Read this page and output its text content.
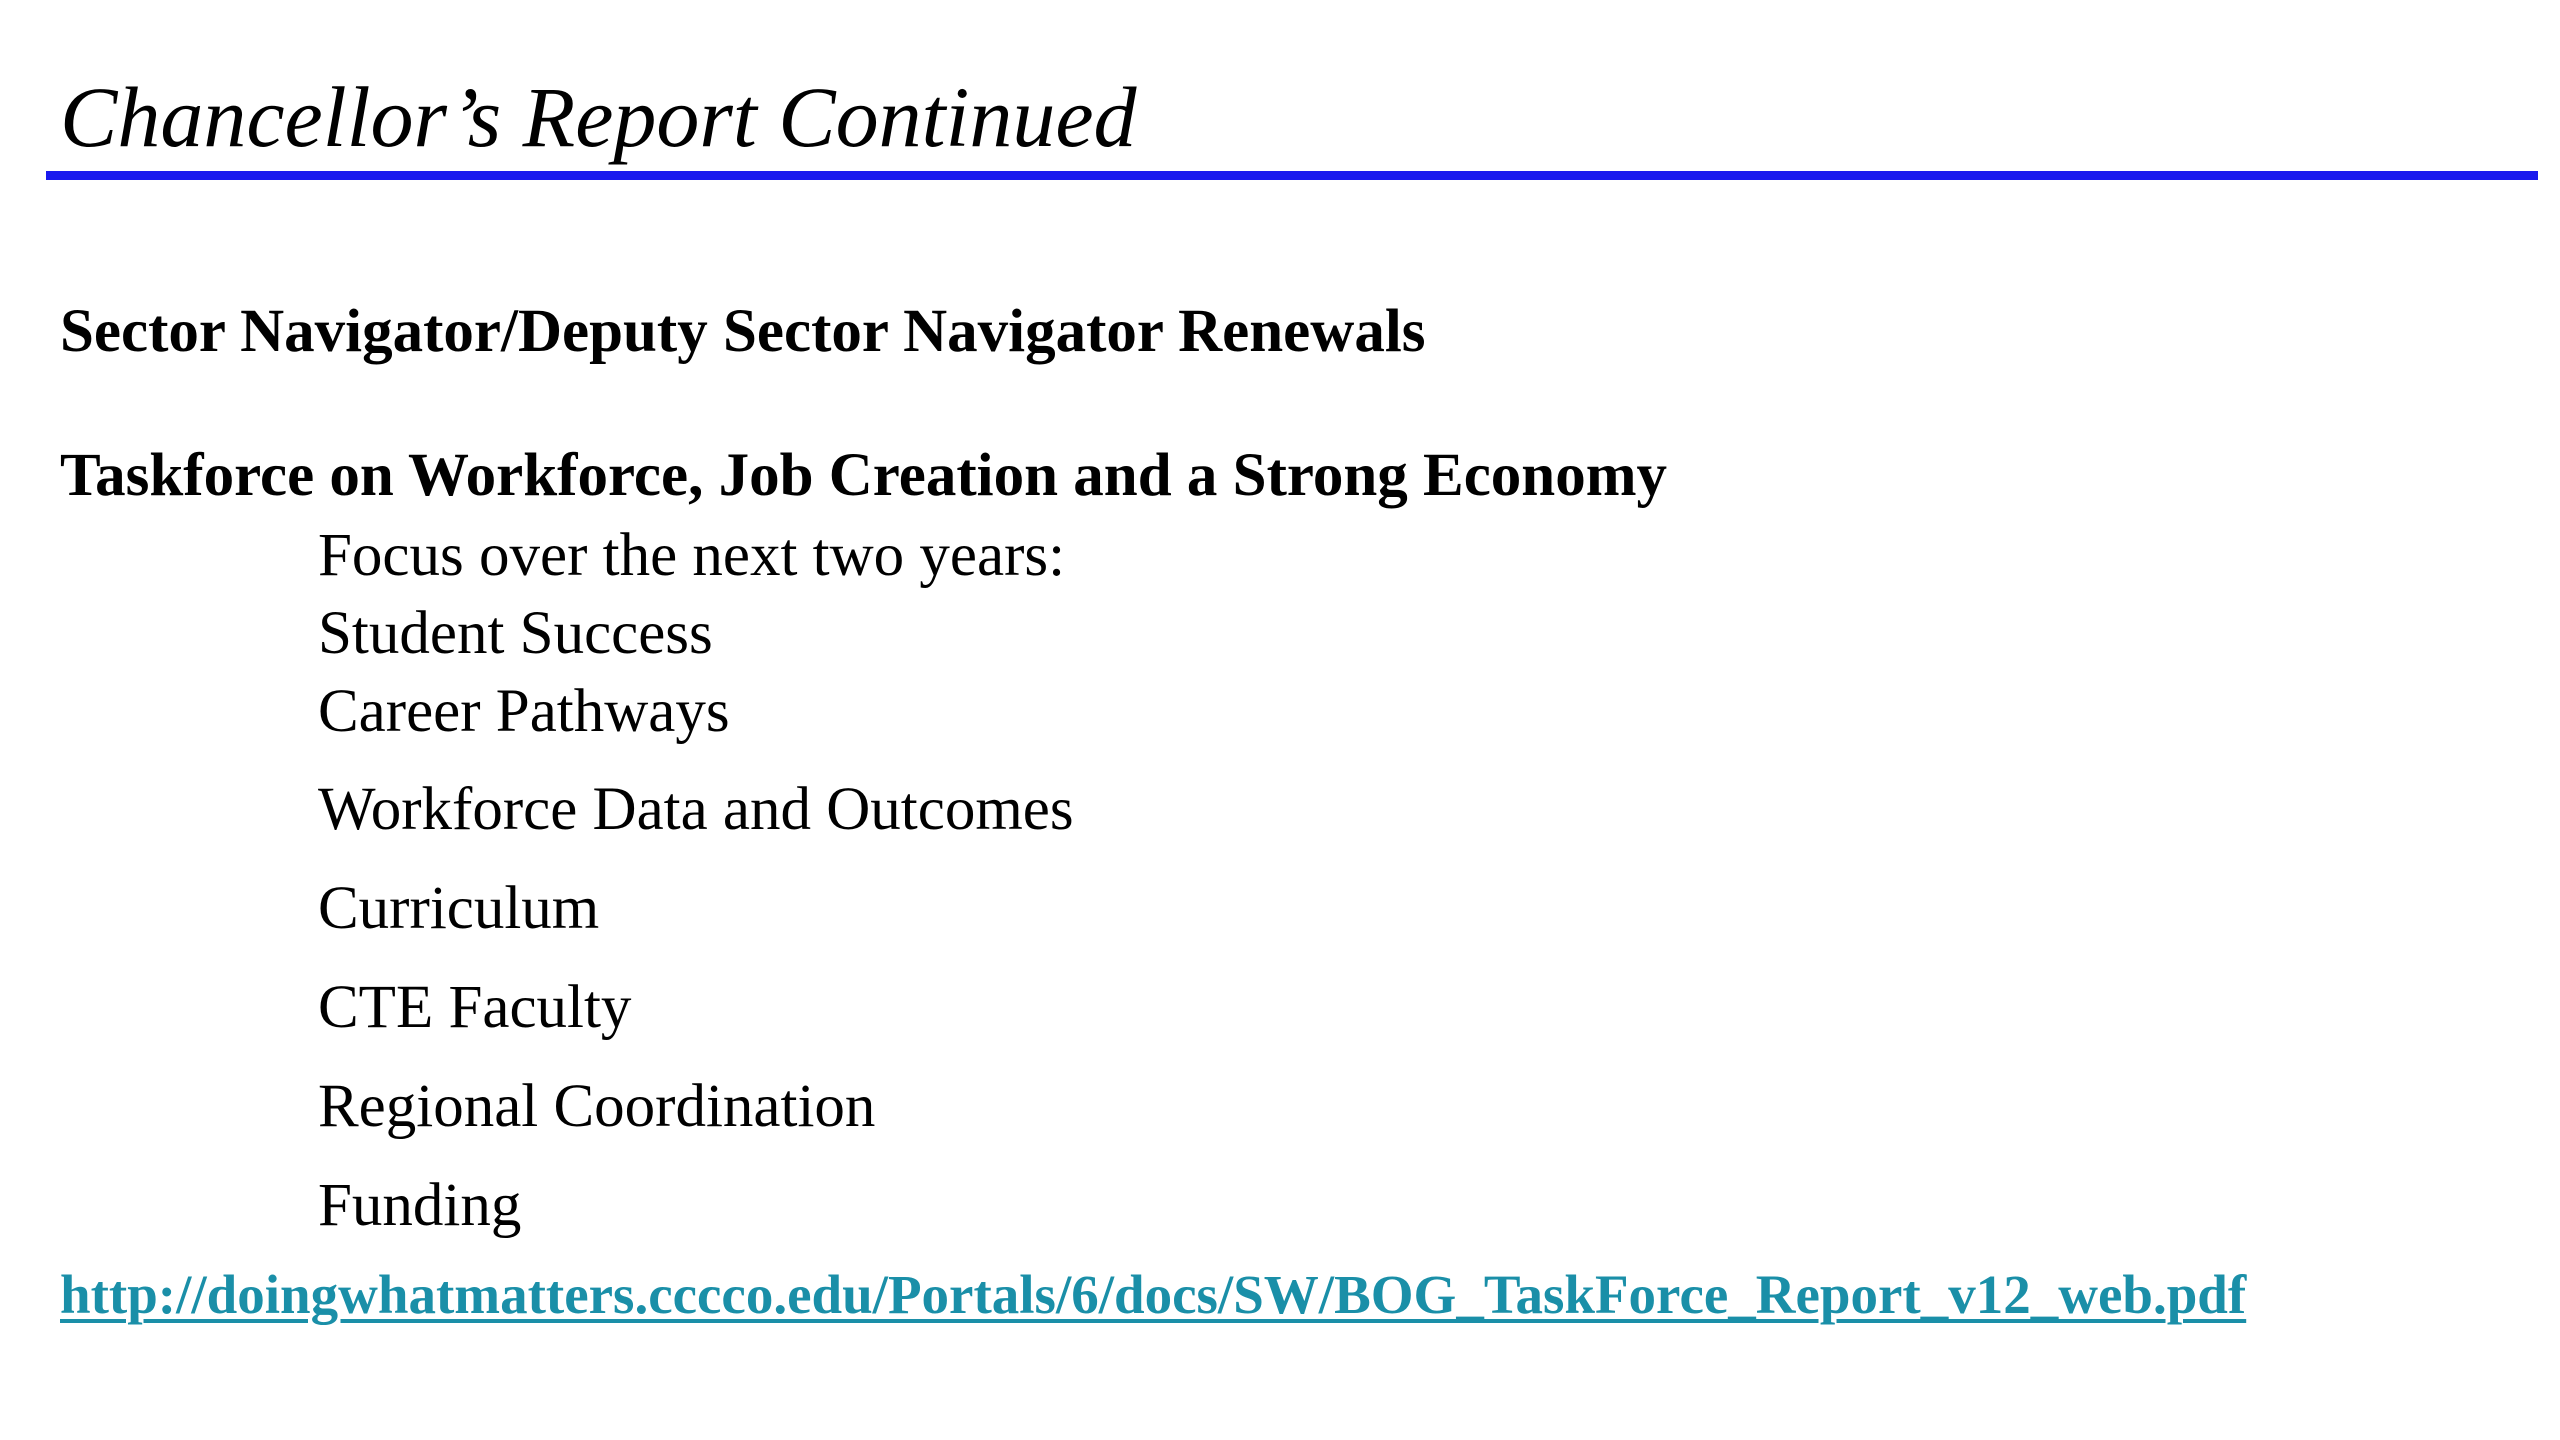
Chancellor’s Report Continued
Sector Navigator/Deputy Sector Navigator Renewals
Taskforce on Workforce, Job Creation and a Strong Economy
Focus over the next two years:
Student Success
Career Pathways
Workforce Data and Outcomes
Curriculum
CTE Faculty
Regional Coordination
Funding
http://doingwhatmatters.cccco.edu/Portals/6/docs/SW/BOG_TaskForce_Report_v12_web.pdf
